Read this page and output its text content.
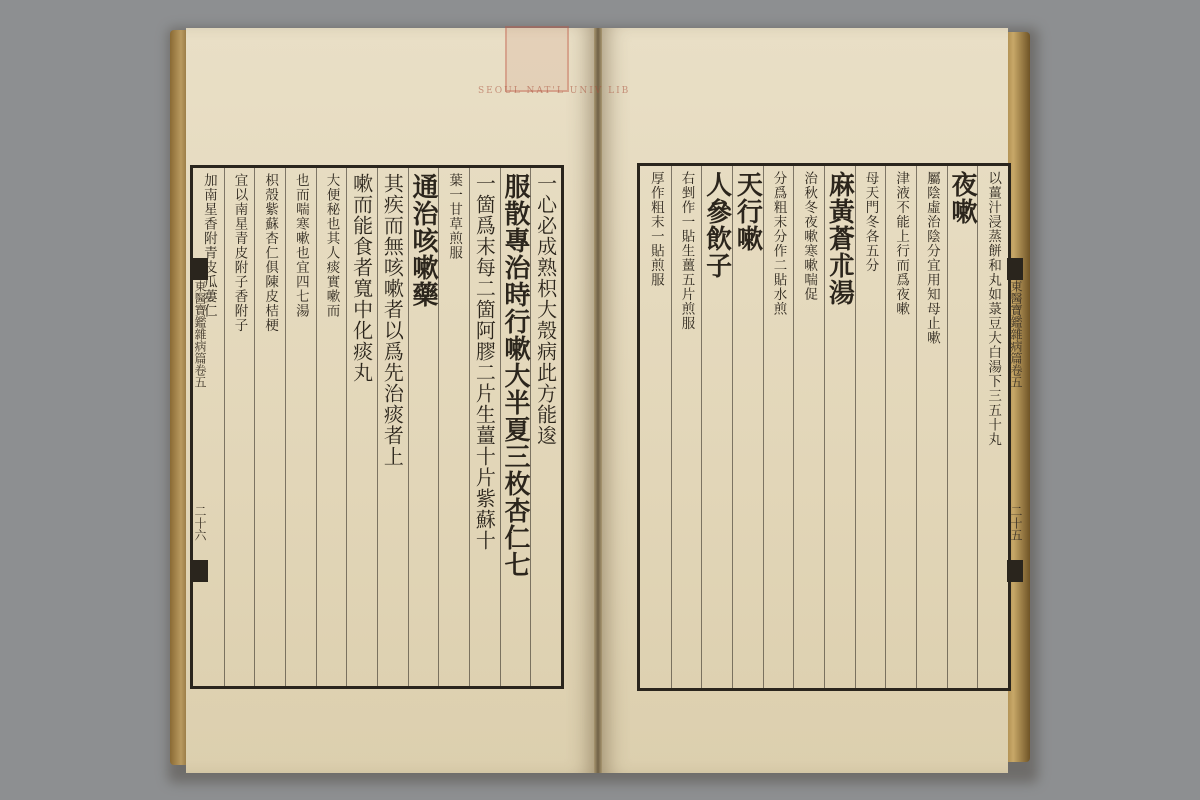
SEOUL NAT'L UNIV LIB
東醫寶鑑雜病篇卷五
二十六
一心必成熟枳大殼病此方能逡
服散專治時行嗽大半夏三枚杏仁七
一箇爲末每二箇阿膠二片生薑十片紫蘇十
葉一甘草煎服
通治咳嗽藥
其疾而無咳嗽者以爲先治痰者上
嗽而能食者寬中化痰丸
大便秘也其人痰實嗽而
也而喘寒嗽也宜四七湯
枳殼紫蘇杏仁俱陳皮桔梗
宜以南星青皮附子香附子
加南星香附青皮瓜蔞仁
東醫寶鑑雜病篇卷五
二十五
以薑汁浸蒸餅和丸如菉豆大白湯下三五十丸
夜嗽
屬陰虛治陰分宜用知母止嗽
津液不能上行而爲夜嗽
母天門冬各五分
麻黃蒼朮湯
治秋冬夜嗽寒嗽喘促
分爲粗末分作二貼水煎
天行嗽
人參飲子
右剉作一貼生薑五片煎服
厚作粗末一貼煎服
